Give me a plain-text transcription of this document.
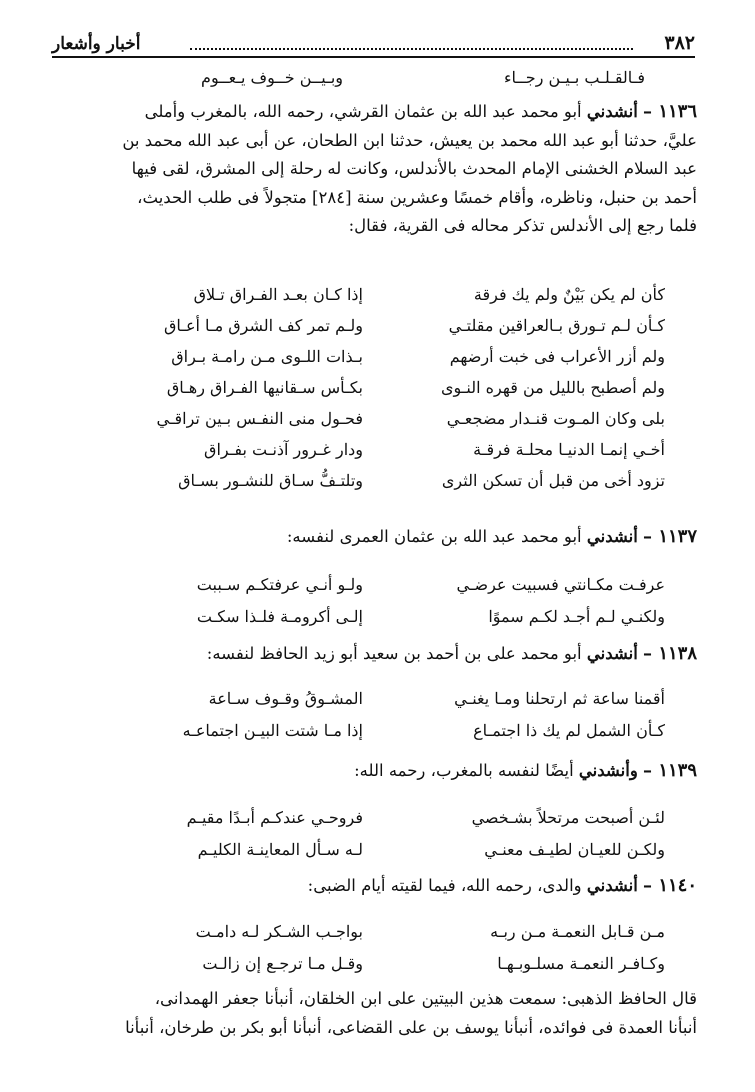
٣٨٢
أخبار وأشعار
فـالقـلـب بـيـن رجــاء
وبـيــن خــوف يـعــوم
١١٣٦ – أنشدني أبو محمد عبد الله بن عثمان القرشي، رحمه الله، بالمغرب وأملى
عليَّ، حدثنا أبو عبد الله محمد بن يعيش، حدثنا ابن الطحان، عن أبى عبد الله محمد بن
عبد السلام الخشنى الإمام المحدث بالأندلس، وكانت له رحلة إلى المشرق، لقى فيها
أحمد بن حنبل، وناظره، وأقام خمسًا وعشرين سنة [٢٨٤] متجولاً فى طلب الحديث،
فلما رجع إلى الأندلس تذكر محاله فى القرية، فقال:
كأن لم يكن بَيْنٌ ولم يك فرقة
إذا كـان بعـد الفـراق تـلاق
كـأن لـم تـورق بـالعراقين مقلتـي
ولـم تمر كف الشرق مـا أعـاق
ولم أزر الأعراب فى خبت أرضهم
بـذات اللـوى مـن رامـة بـراق
ولم أصطبح بالليل من قهره النـوى
بكـأس سـقانيها الفـراق رهـاق
بلى وكان المـوت قنـدار مضجعـي
فحـول منى النفـس بـين تراقـي
أخـي إنمـا الدنيـا محلـة فرقـة
ودار غـرور آذنـت بفـراق
تزود أخى من قبل أن تسكن الثرى
وتلتـفُّ سـاق للنشـور بسـاق
١١٣٧ – أنشدني أبو محمد عبد الله بن عثمان العمرى لنفسه:
عرفـت مكـانتي فسبيت عرضـي
ولـو أنـي عرفتكـم سـببت
ولكنـي لـم أجـد لكـم سموًا
إلـى أكرومـة فلـذا سكـت
١١٣٨ – أنشدني أبو محمد على بن أحمد بن سعيد أبو زيد الحافظ لنفسه:
أقمنا ساعة ثم ارتحلنا ومـا يغنـي
المشـوقُ وقـوف سـاعة
كـأن الشمل لم يك ذا اجتمـاع
إذا مـا شتت البيـن اجتماعـه
١١٣٩ – وأنشدني أيضًا لنفسه بالمغرب، رحمه الله:
لئـن أصبحت مرتحلاً بشـخصي
فروحـي عندكـم أبـدًا مقيـم
ولكـن للعيـان لطيـف معنـي
لـه سـأل المعاينـة الكليـم
١١٤٠ – أنشدني والدى، رحمه الله، فيما لقيته أيام الضبى:
مـن قـابل النعمـة مـن ربـه
بواجـب الشـكر لـه دامـت
وكـافـر النعمـة مسلـوبـهـا
وقـل مـا ترجـع إن زالـت
قال الحافظ الذهبى: سمعت هذين البيتين على ابن الخلقان، أنبأنا جعفر الهمدانى،
أنبأنا العمدة فى فوائده، أنبأنا يوسف بن على القضاعى، أنبأنا أبو بكر بن طرخان، أنبأنا
